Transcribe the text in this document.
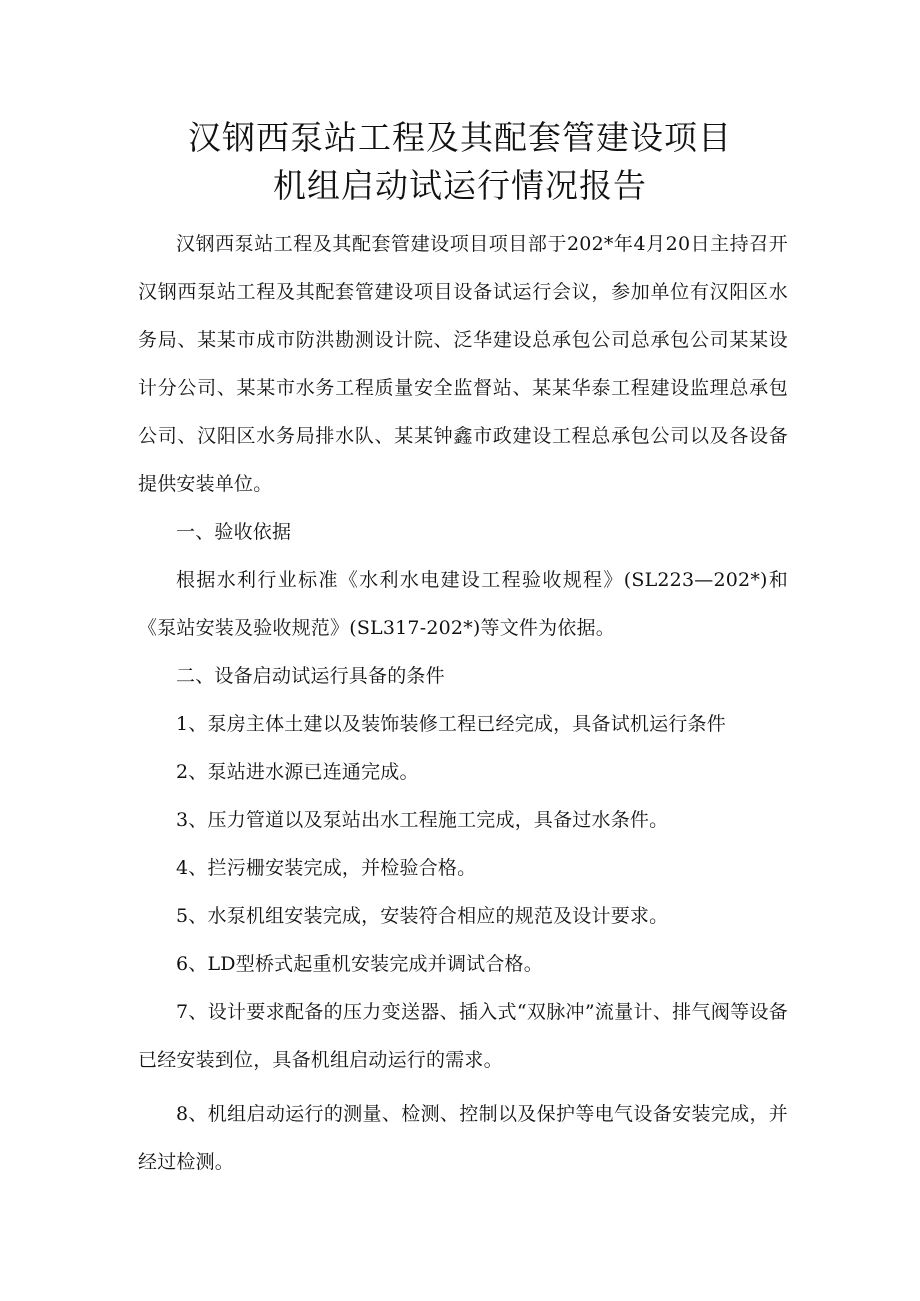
汉钢西泵站工程及其配套管建设项目
机组启动试运行情况报告

汉钢西泵站工程及其配套管建设项目项目部于202*年4月20日主持召开汉钢西泵站工程及其配套管建设项目设备试运行会议，参加单位有汉阳区水务局、某某市成市防洪勘测设计院、泛华建设总承包公司总承包公司某某设计分公司、某某市水务工程质量安全监督站、某某华泰工程建设监理总承包公司、汉阳区水务局排水队、某某钟鑫市政建设工程总承包公司以及各设备提供安装单位。

一、验收依据

根据水利行业标准《水利水电建设工程验收规程》(SL223—202*)和《泵站安装及验收规范》(SL317-202*)等文件为依据。

二、设备启动试运行具备的条件

1、泵房主体土建以及装饰装修工程已经完成，具备试机运行条件

2、泵站进水源已连通完成。

3、压力管道以及泵站出水工程施工完成，具备过水条件。

4、拦污栅安装完成，并检验合格。

5、水泵机组安装完成，安装符合相应的规范及设计要求。

6、LD型桥式起重机安装完成并调试合格。

7、设计要求配备的压力变送器、插入式“双脉冲”流量计、排气阀等设备已经安装到位，具备机组启动运行的需求。

8、机组启动运行的测量、检测、控制以及保护等电气设备安装完成，并经过检测。
